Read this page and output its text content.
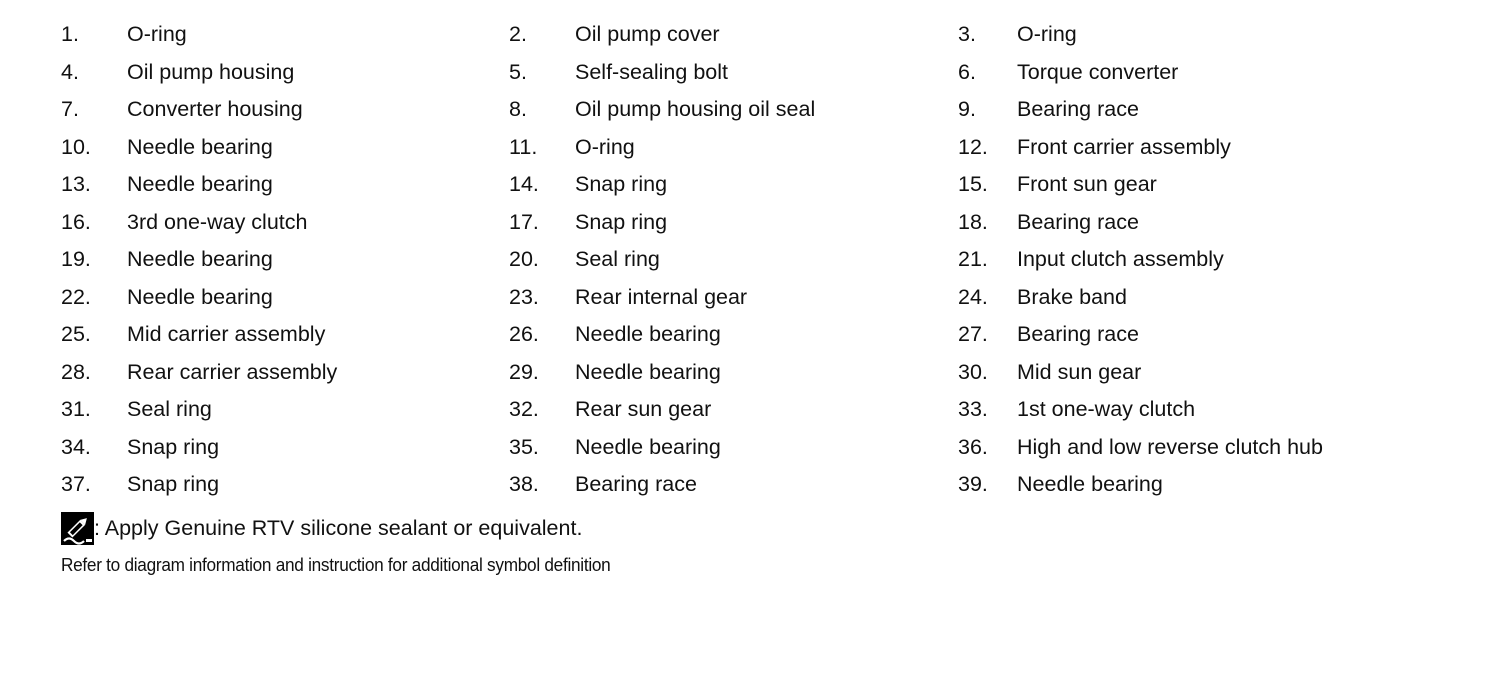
1. O-ring	2. Oil pump cover	3. O-ring
4. Oil pump housing	5. Self-sealing bolt	6. Torque converter
7. Converter housing	8. Oil pump housing oil seal	9. Bearing race
10. Needle bearing	11. O-ring	12. Front carrier assembly
13. Needle bearing	14. Snap ring	15. Front sun gear
16. 3rd one-way clutch	17. Snap ring	18. Bearing race
19. Needle bearing	20. Seal ring	21. Input clutch assembly
22. Needle bearing	23. Rear internal gear	24. Brake band
25. Mid carrier assembly	26. Needle bearing	27. Bearing race
28. Rear carrier assembly	29. Needle bearing	30. Mid sun gear
31. Seal ring	32. Rear sun gear	33. 1st one-way clutch
34. Snap ring	35. Needle bearing	36. High and low reverse clutch hub
37. Snap ring	38. Bearing race	39. Needle bearing
: Apply Genuine RTV silicone sealant or equivalent.
Refer to diagram information and instruction for additional symbol definition
